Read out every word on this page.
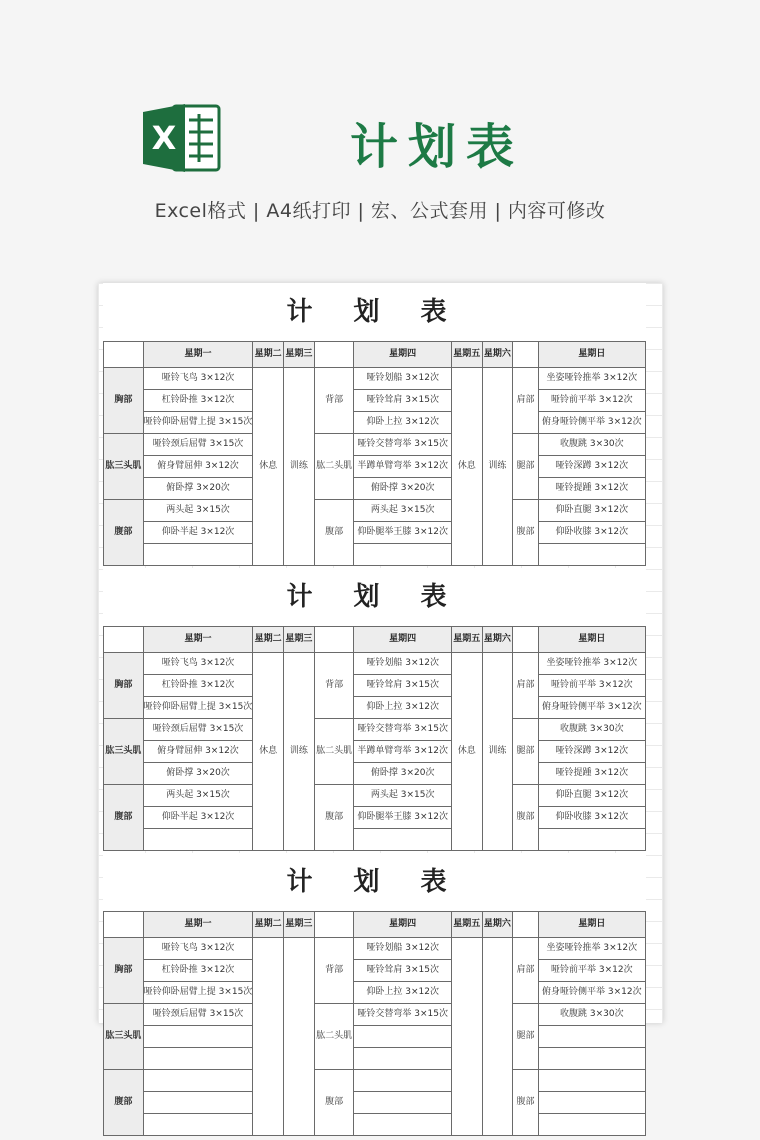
X	计划表
Excel格式 | A4纸打印 | 宏、公式套用 | 内容可修改
计 划 表
	星期一	星期二	星期三		星期四	星期五	星期六		星期日
胸部	哑铃飞鸟 3×12次	休息	训练	背部	哑铃划船 3×12次	休息	训练	肩部	坐姿哑铃推举 3×12次
	杠铃卧推 3×12次				哑铃耸肩 3×15次				哑铃前平举 3×12次
	哑铃仰卧屈臂上提 3×15次				仰卧上拉 3×12次				俯身哑铃侧平举 3×12次
肱三头肌	哑铃颈后屈臂 3×15次			肱二头肌	哑铃交替弯举 3×15次			腿部	收腹跳 3×30次
	俯身臂屈伸 3×12次				半蹲单臂弯举 3×12次				哑铃深蹲 3×12次
	俯卧撑 3×20次				俯卧撑 3×20次				哑铃提踵 3×12次
腹部	两头起 3×15次			腹部	两头起 3×15次			腹部	仰卧直腿 3×12次
	仰卧半起 3×12次				仰卧腿举王膝 3×12次				仰卧收膝 3×12次

计 划 表
	星期一	星期二	星期三		星期四	星期五	星期六		星期日
胸部	哑铃飞鸟 3×12次	休息	训练	背部	哑铃划船 3×12次	休息	训练	肩部	坐姿哑铃推举 3×12次
	杠铃卧推 3×12次				哑铃耸肩 3×15次				哑铃前平举 3×12次
	哑铃仰卧屈臂上提 3×15次				仰卧上拉 3×12次				俯身哑铃侧平举 3×12次
肱三头肌	哑铃颈后屈臂 3×15次			肱二头肌	哑铃交替弯举 3×15次			腿部	收腹跳 3×30次
	俯身臂屈伸 3×12次				半蹲单臂弯举 3×12次				哑铃深蹲 3×12次
	俯卧撑 3×20次				俯卧撑 3×20次				哑铃提踵 3×12次
腹部	两头起 3×15次			腹部	两头起 3×15次			腹部	仰卧直腿 3×12次
	仰卧半起 3×12次				仰卧腿举王膝 3×12次				仰卧收膝 3×12次

计 划 表
	星期一	星期二	星期三		星期四	星期五	星期六		星期日
胸部	哑铃飞鸟 3×12次			背部	哑铃划船 3×12次			肩部	坐姿哑铃推举 3×12次
	杠铃卧推 3×12次				哑铃耸肩 3×15次				哑铃前平举 3×12次
	哑铃仰卧屈臂上提 3×15次				仰卧上拉 3×12次				俯身哑铃侧平举 3×12次
肱三头肌	哑铃颈后屈臂 3×15次			肱二头肌	哑铃交替弯举 3×15次			腿部	收腹跳 3×30次

腹部				腹部				腹部	
